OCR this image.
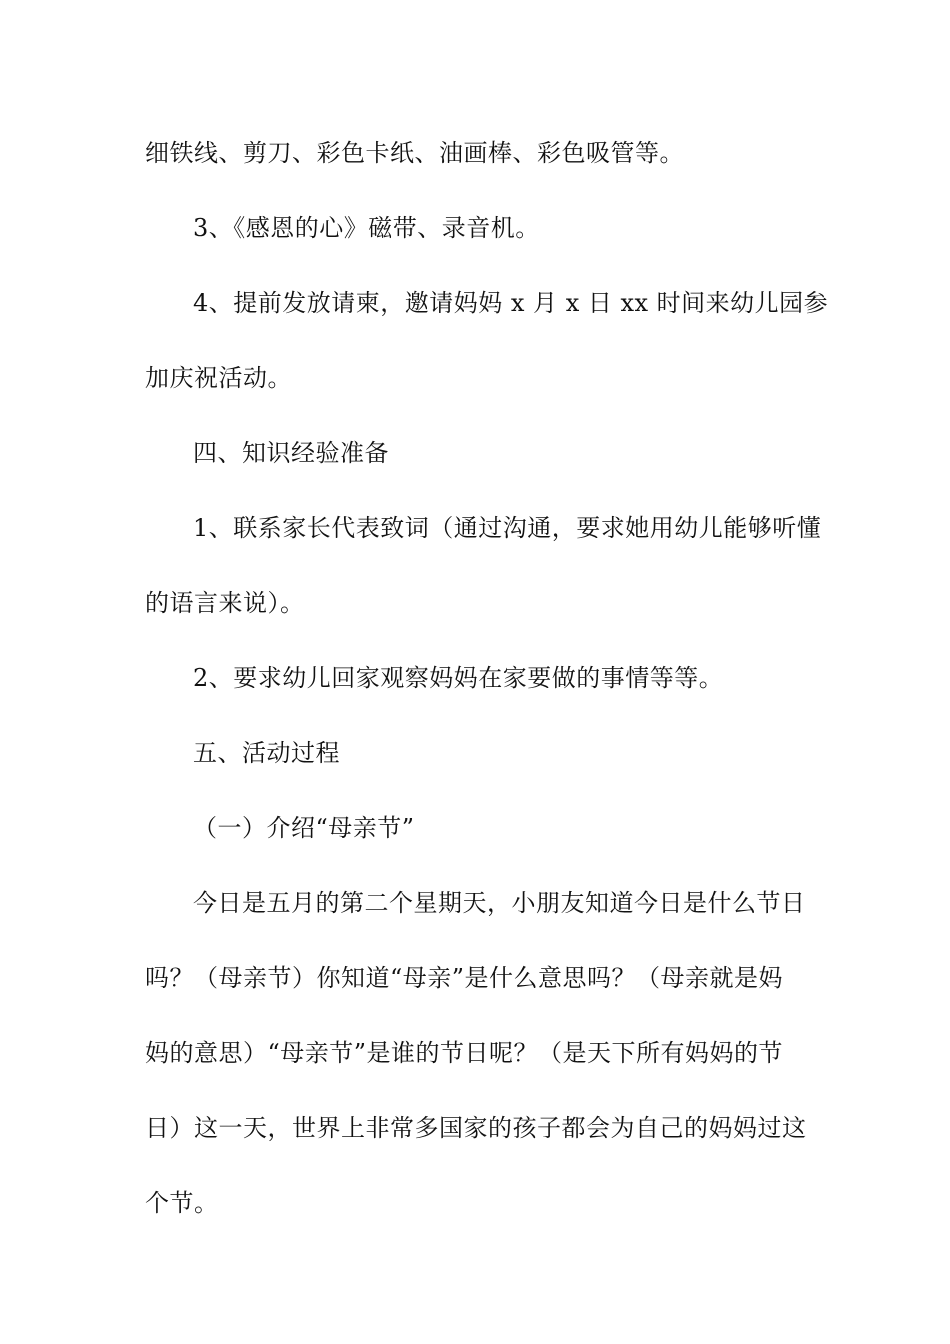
细铁线、剪刀、彩色卡纸、油画棒、彩色吸管等。
3、《感恩的心》磁带、录音机。
4、提前发放请柬，邀请妈妈 x 月 x 日 xx 时间来幼儿园参
加庆祝活动。
四、知识经验准备
1、联系家长代表致词（通过沟通，要求她用幼儿能够听懂
的语言来说）。
2、要求幼儿回家观察妈妈在家要做的事情等等。
五、活动过程
（一）介绍“母亲节”
今日是五月的第二个星期天，小朋友知道今日是什么节日
吗？（母亲节）你知道“母亲”是什么意思吗？（母亲就是妈
妈的意思）“母亲节”是谁的节日呢？（是天下所有妈妈的节
日）这一天，世界上非常多国家的孩子都会为自己的妈妈过这
个节。
